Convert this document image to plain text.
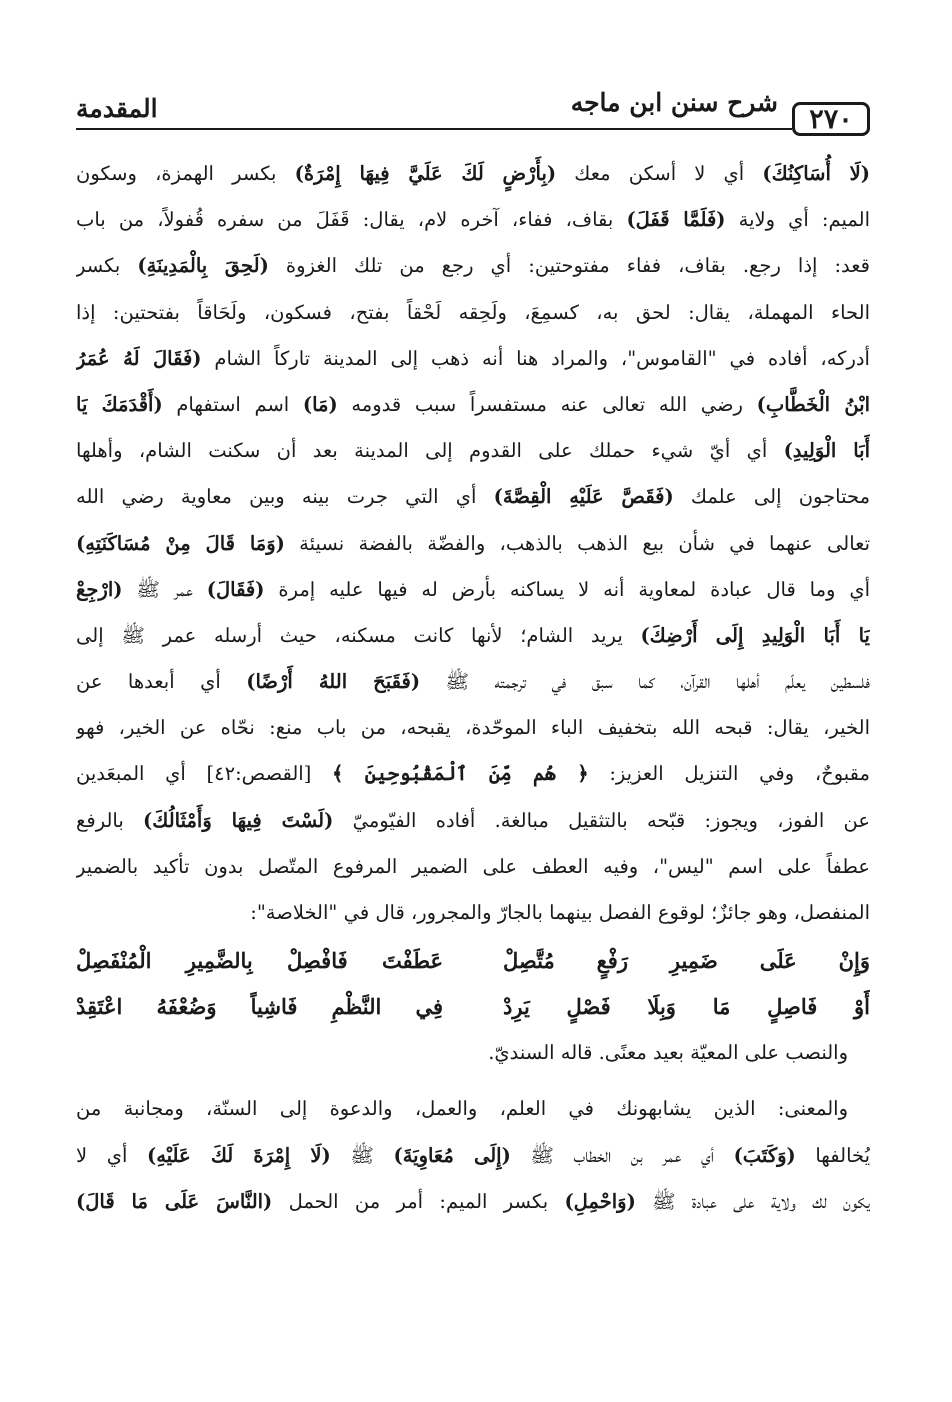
٢٧٠
شرح سنن ابن ماجه
المقدمة
(لَا أُسَاكِنُكَ) أي لا أسكن معك (بِأَرْضٍ لَكَ عَلَيَّ فِيهَا إِمْرَةٌ) بكسر الهمزة، وسكون
الميم: أي ولاية (فَلَمَّا قَفَلَ) بقاف، ففاء، آخره لام، يقال: قَفَلَ من سفره قُفولاً، من باب
قعد: إذا رجع. بقاف، ففاء مفتوحتين: أي رجع من تلك الغزوة (لَحِقَ بِالْمَدِينَةِ) بكسر
الحاء المهملة، يقال: لحق به، كسمِعَ، ولَحِقه لَحْقاً بفتح، فسكون، ولَحَاقاً بفتحتين: إذا
أدركه، أفاده في "القاموس"، والمراد هنا أنه ذهب إلى المدينة تاركاً الشام (فَقَالَ لَهُ عُمَرُ
ابْنُ الْخَطَّابِ) رضي الله تعالى عنه مستفسراً سبب قدومه (مَا) اسم استفهام (أَقْدَمَكَ يَا
أَبَا الْوَلِيدِ) أي أيّ شيء حملك على القدوم إلى المدينة بعد أن سكنت الشام، وأهلها
محتاجون إلى علمك (فَقَصَّ عَلَيْهِ الْقِصَّةَ) أي التي جرت بينه وبين معاوية رضي الله
تعالى عنهما في شأن بيع الذهب بالذهب، والفضّة بالفضة نسيئة (وَمَا قَالَ مِنْ مُسَاكَنَتِهِ)
أي وما قال عبادة لمعاوية أنه لا يساكنه بأرض له فيها عليه إمرة (فَقَالَ) عمر ﷺ (ارْجِعْ
يَا أَبَا الْوَلِيدِ إِلَى أَرْضِكَ) يريد الشام؛ لأنها كانت مسكنه، حيث أرسله عمر ﷺ إلى
فلسطين يعلّم أهلها القرآن، كما سبق في ترجمته ﷺ (فَقَبَحَ اللهُ أَرْضًا) أي أبعدها عن
الخير، يقال: قبحه الله بتخفيف الباء الموحّدة، يقبحه، من باب منع: نحّاه عن الخير، فهو
مقبوحٌ، وفي التنزيل العزيز: ﴿ هُم مِّنَ ٱلْمَقْبُوحِينَ ﴾ [القصص:٤٢] أي المبعَدين
عن الفوز، ويجوز: قبّحه بالتثقيل مبالغة. أفاده الفيّوميّ (لَسْتَ فِيهَا وَأَمْثَالُكَ) بالرفع
عطفاً على اسم "ليس"، وفيه العطف على الضمير المرفوع المتّصل بدون تأكيد بالضمير
المنفصل، وهو جائزٌ؛ لوقوع الفصل بينهما بالجارّ والمجرور، قال في "الخلاصة":
وَإِنْ عَلَى ضَمِيرِ رَفْعٍ مُتَّصِلْ
عَطَفْتَ فَافْصِلْ بِالضَّمِيرِ الْمُنْفَصِلْ
أَوْ فَاصِلٍ مَا وَبِلَا فَصْلٍ يَرِدْ
فِي النَّظْمِ فَاشِياً وَضُعْفَهُ اعْتَقِدْ
والنصب على المعيّة بعيد معنًى. قاله السنديّ.
والمعنى: الذين يشابهونك في العلم، والعمل، والدعوة إلى السنّة، ومجانبة من
يُخالفها (وَكَتَبَ) أي عمر بن الخطاب ﷺ (إِلَى مُعَاوِيَةَ) ﷺ (لَا إِمْرَةَ لَكَ عَلَيْهِ) أي لا
يكون لك ولاية على عبادة ﷺ (وَاحْمِلِ) بكسر الميم: أمر من الحمل (النَّاسَ عَلَى مَا قَالَ)
